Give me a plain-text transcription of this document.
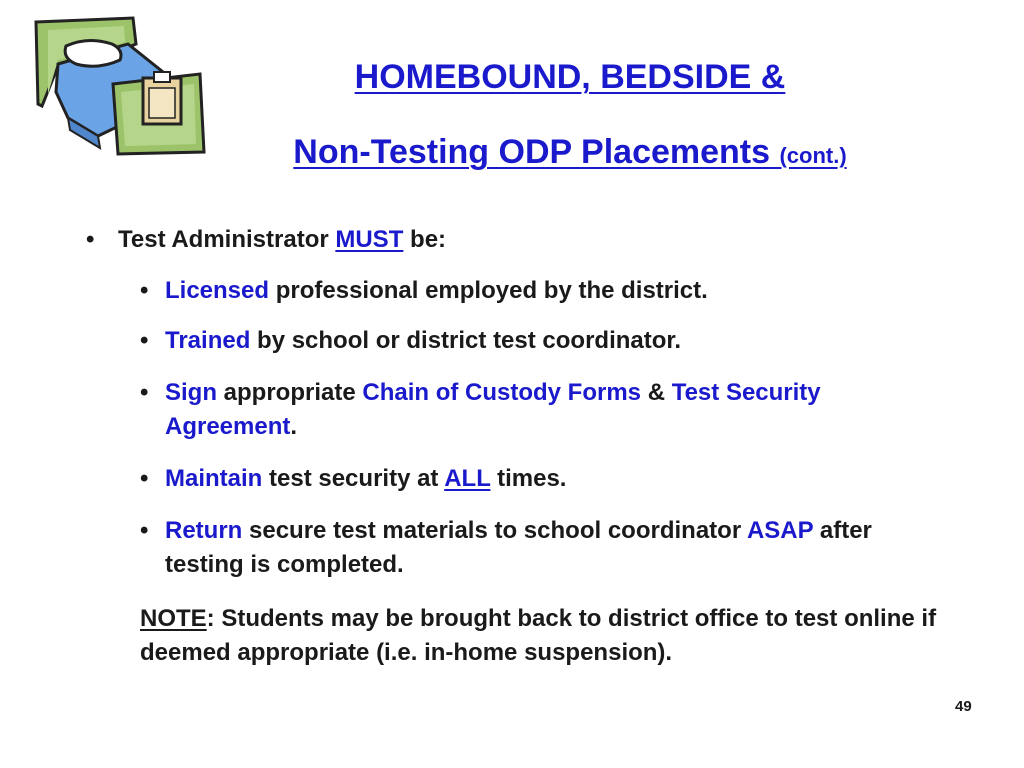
HOMEBOUND, BEDSIDE &
Non-Testing ODP Placements (cont.)
• Test Administrator MUST be:
• Licensed professional employed by the district.
• Trained by school or district test coordinator.
• Sign appropriate Chain of Custody Forms & Test Security Agreement.
• Maintain test security at ALL times.
• Return secure test materials to school coordinator ASAP after testing is completed.
NOTE: Students may be brought back to district office to test online if deemed appropriate (i.e. in-home suspension).
49
